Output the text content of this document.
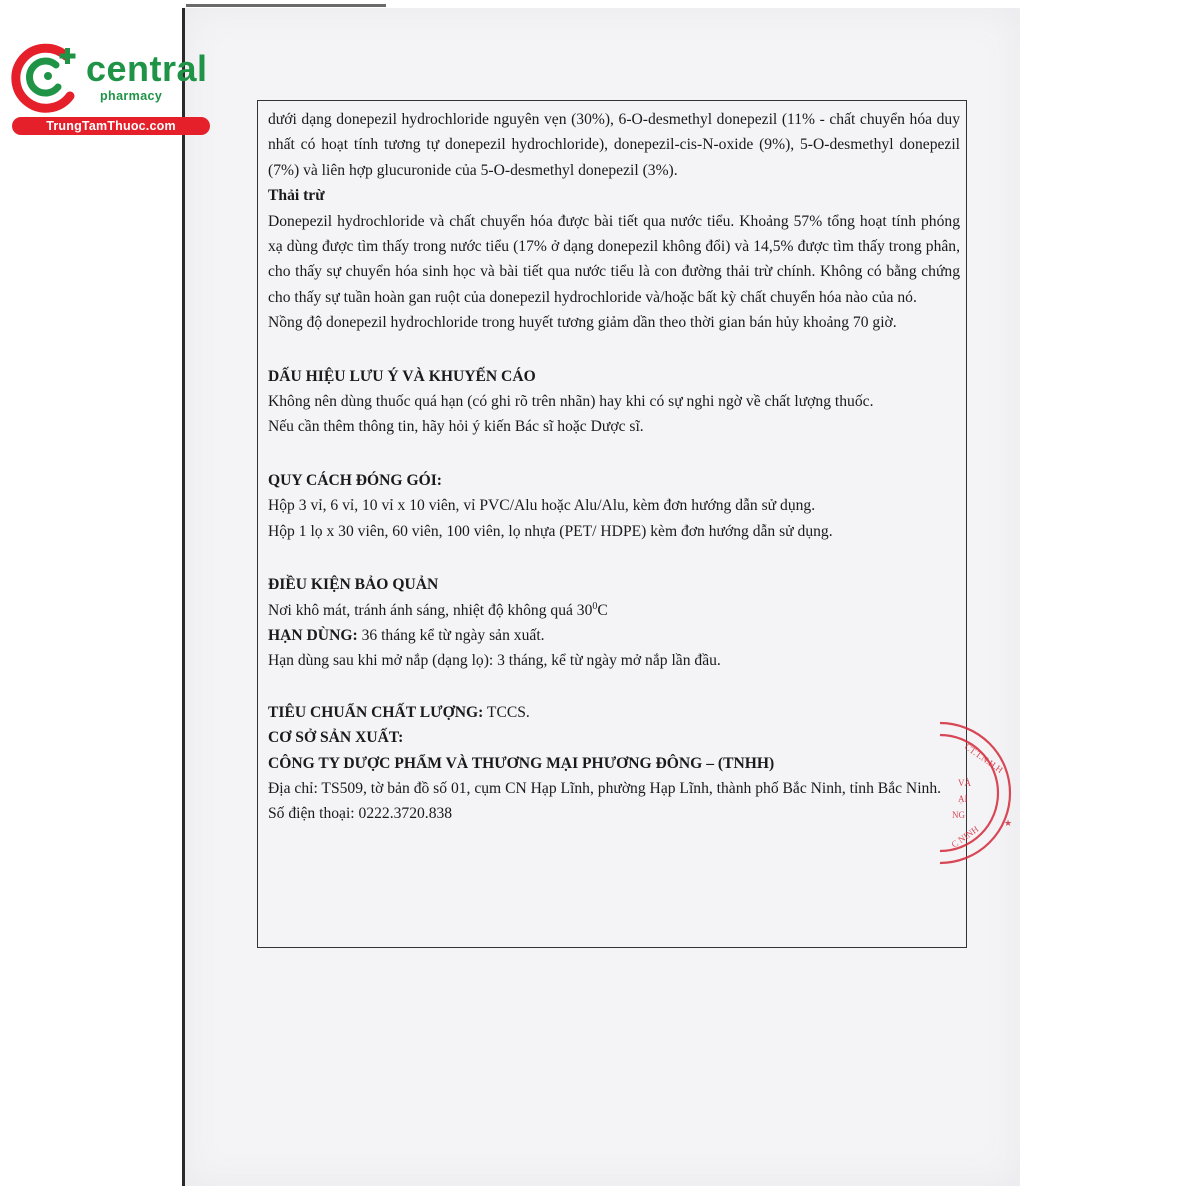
central
pharmacy
TrungTamThuoc.com	dưới dạng donepezil hydrochloride nguyên vẹn (30%), 6-O-desmethyl donepezil (11% - chất chuyển hóa duy nhất có hoạt tính tương tự donepezil hydrochloride), donepezil-cis-N-oxide (9%), 5-O-desmethyl donepezil (7%) và liên hợp glucuronide của 5-O-desmethyl donepezil (3%).

Thải trừ

Donepezil hydrochloride và chất chuyển hóa được bài tiết qua nước tiểu. Khoảng 57% tổng hoạt tính phóng xạ dùng được tìm thấy trong nước tiểu (17% ở dạng donepezil không đổi) và 14,5% được tìm thấy trong phân, cho thấy sự chuyển hóa sinh học và bài tiết qua nước tiểu là con đường thải trừ chính. Không có bằng chứng cho thấy sự tuần hoàn gan ruột của donepezil hydrochloride và/hoặc bất kỳ chất chuyển hóa nào của nó.

Nồng độ donepezil hydrochloride trong huyết tương giảm dần theo thời gian bán hủy khoảng 70 giờ.

DẤU HIỆU LƯU Ý VÀ KHUYẾN CÁO

Không nên dùng thuốc quá hạn (có ghi rõ trên nhãn) hay khi có sự nghi ngờ về chất lượng thuốc.

Nếu cần thêm thông tin, hãy hỏi ý kiến Bác sĩ hoặc Dược sĩ.

QUY CÁCH ĐÓNG GÓI:

Hộp 3 vỉ, 6 vỉ, 10 vỉ x 10 viên, vỉ PVC/Alu hoặc Alu/Alu, kèm đơn hướng dẫn sử dụng.

Hộp 1 lọ x 30 viên, 60 viên, 100 viên, lọ nhựa (PET/ HDPE) kèm đơn hướng dẫn sử dụng.

ĐIỀU KIỆN BẢO QUẢN

Nơi khô mát, tránh ánh sáng, nhiệt độ không quá $30^0C$

HẠN DÙNG: 36 tháng kể từ ngày sản xuất.

Hạn dùng sau khi mở nắp (dạng lọ): 3 tháng, kể từ ngày mở nắp lần đầu.

TIÊU CHUẨN CHẤT LƯỢNG: TCCS.

CƠ SỞ SẢN XUẤT:

CÔNG TY DƯỢC PHẨM VÀ THƯƠNG MẠI PHƯƠNG ĐÔNG – (TNHH)

Địa chỉ: TS509, tờ bản đồ số 01, cụm CN Hạp Lĩnh, phường Hạp Lĩnh, thành phố Bắc Ninh, tỉnh Bắc Ninh.

Số điện thoại: 0222.3720.838

CT.T.N.H.H
VÀ
ẠI
NG
C NINH
★
